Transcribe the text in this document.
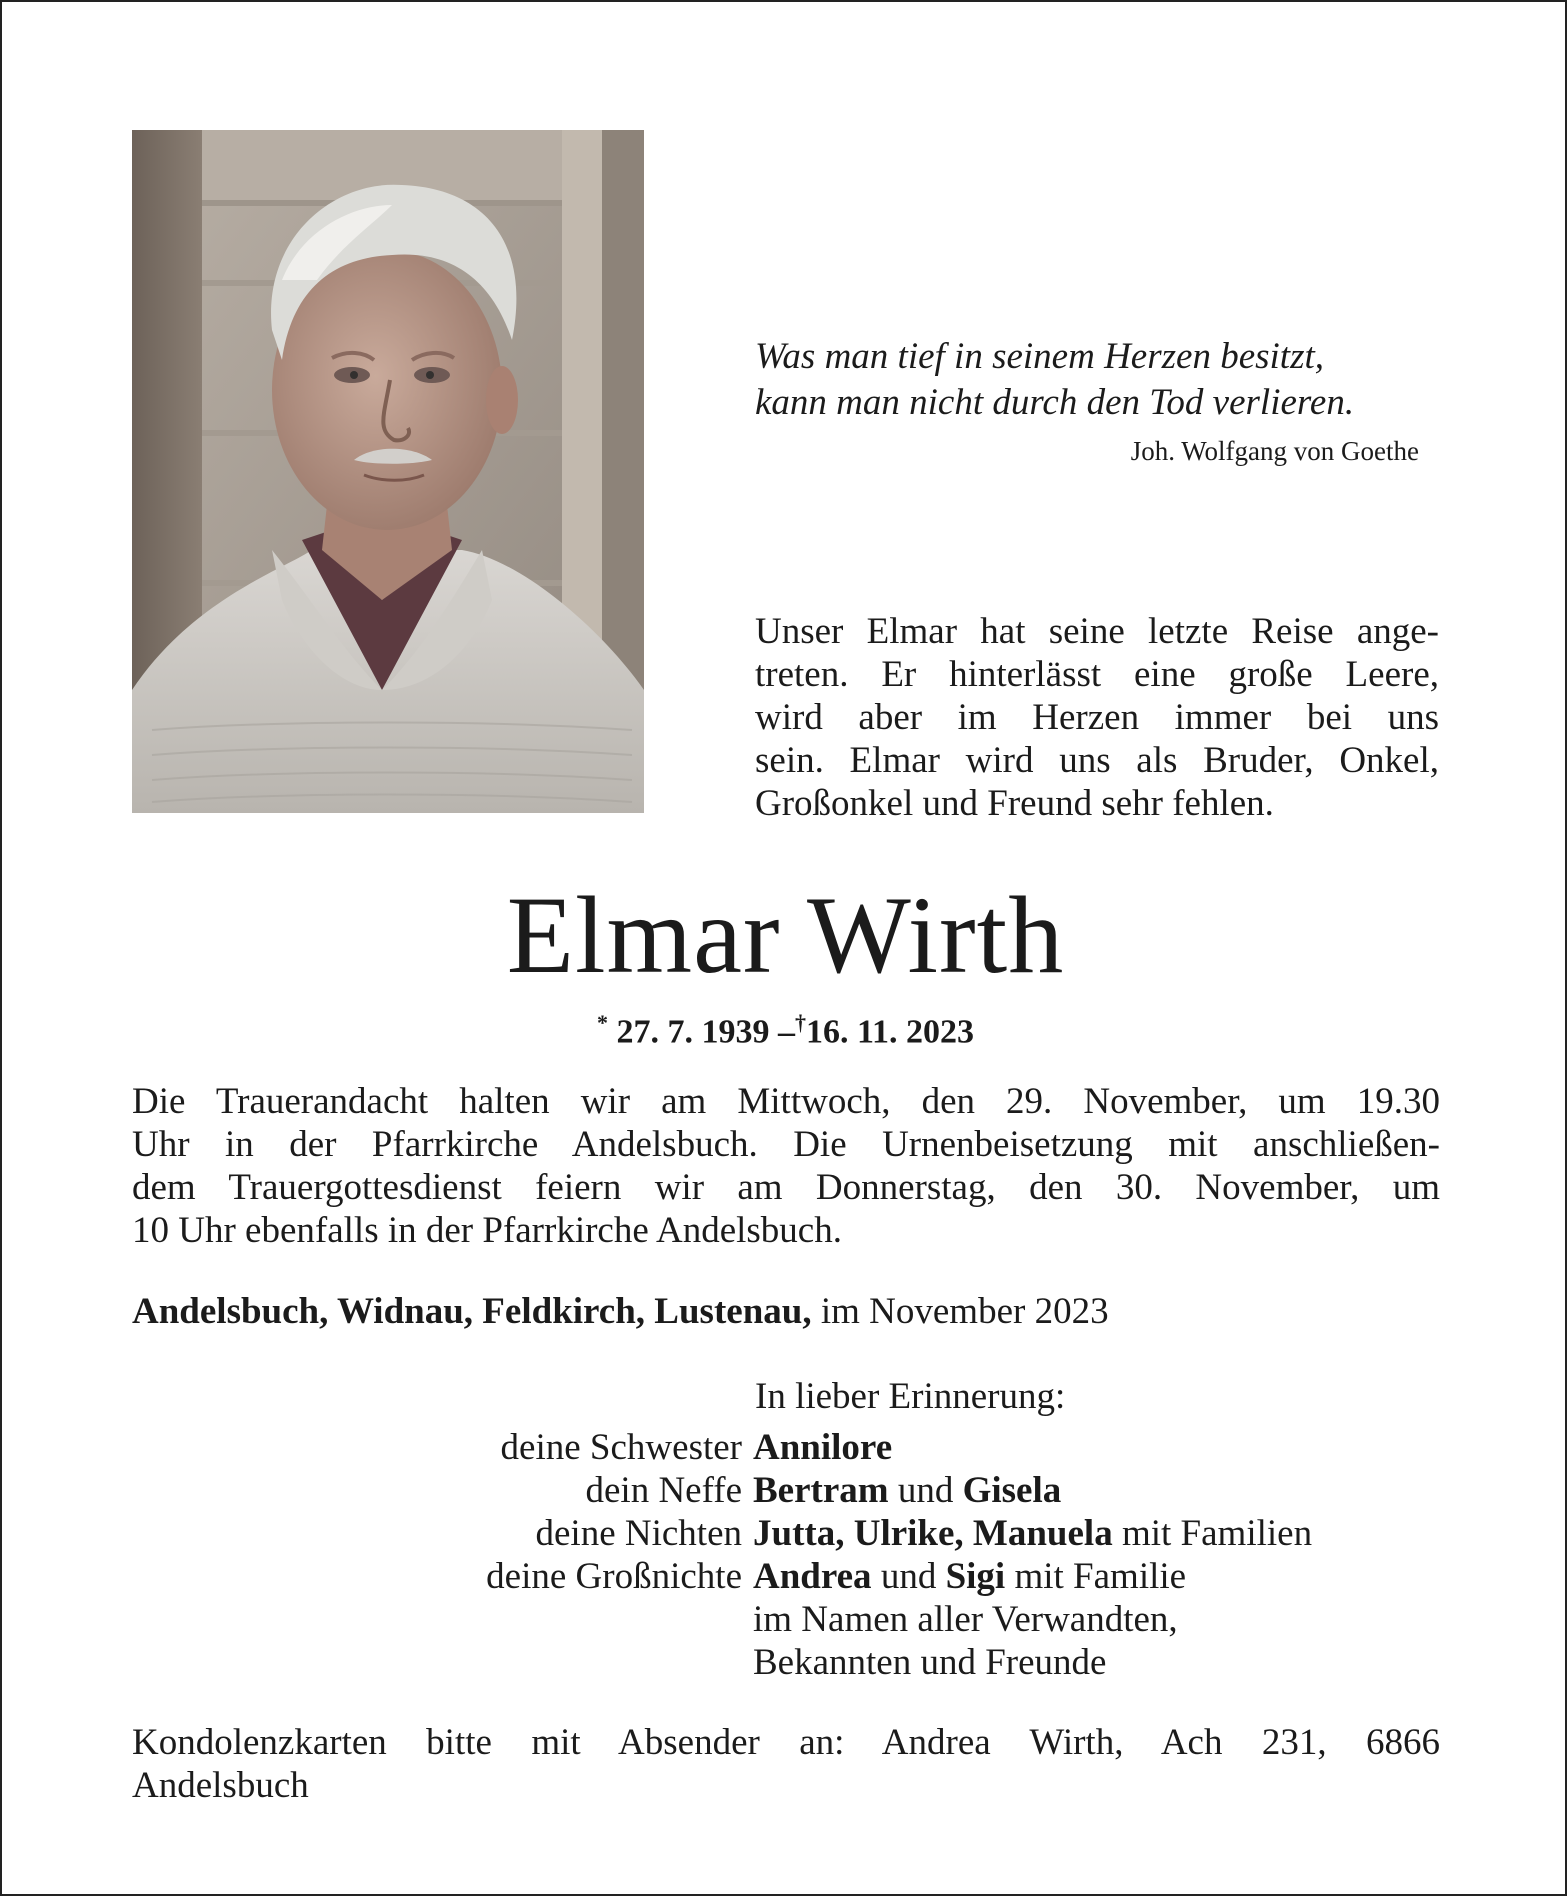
Was man tief in seinem Herzen besitzt,
kann man nicht durch den Tod verlieren.
Joh. Wolfgang von Goethe
Unser Elmar hat seine letzte Reise ange-
treten. Er hinterlässt eine große Leere,
wird aber im Herzen immer bei uns
sein. Elmar wird uns als Bruder, Onkel,
Großonkel und Freund sehr fehlen.
Elmar Wirth
* 27. 7. 1939 –†16. 11. 2023
Die Trauerandacht halten wir am Mittwoch, den 29. November, um 19.30
Uhr in der Pfarrkirche Andelsbuch. Die Urnenbeisetzung mit anschließen-
dem Trauergottesdienst feiern wir am Donnerstag, den 30. November, um
10 Uhr ebenfalls in der Pfarrkirche Andelsbuch.
Andelsbuch, Widnau, Feldkirch, Lustenau, im November 2023
In lieber Erinnerung:
deine Schwester Annilore
dein Neffe Bertram und Gisela
deine Nichten Jutta, Ulrike, Manuela mit Familien
deine Großnichte Andrea und Sigi mit Familie
im Namen aller Verwandten,
Bekannten und Freunde
Kondolenzkarten bitte mit Absender an: Andrea Wirth, Ach 231, 6866
Andelsbuch
